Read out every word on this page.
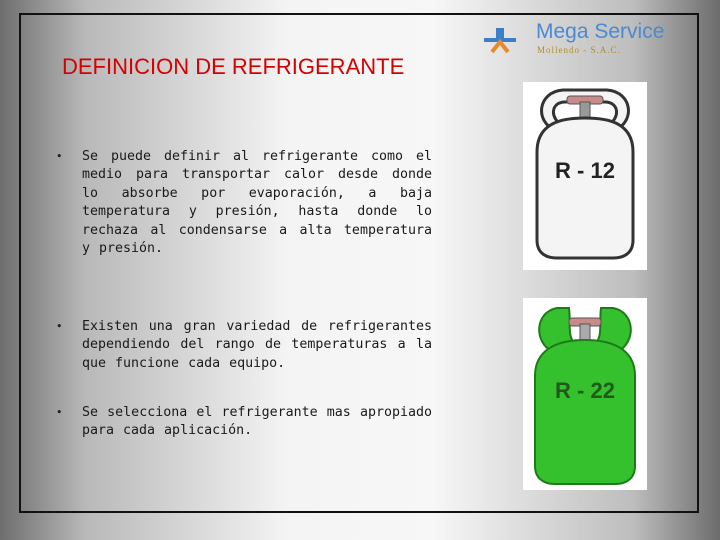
DEFINICION DE REFRIGERANTE
Mega Service
Mollendo - S.A.C.
• Se puede definir al refrigerante como el medio para transportar calor desde donde lo absorbe por evaporación, a baja temperatura y presión, hasta donde lo rechaza al condensarse a alta temperatura y presión.
• Existen una gran variedad de refrigerantes dependiendo del rango de temperaturas a la que funcione cada equipo.
• Se selecciona el refrigerante mas apropiado para cada aplicación.
R - 12
R - 22
